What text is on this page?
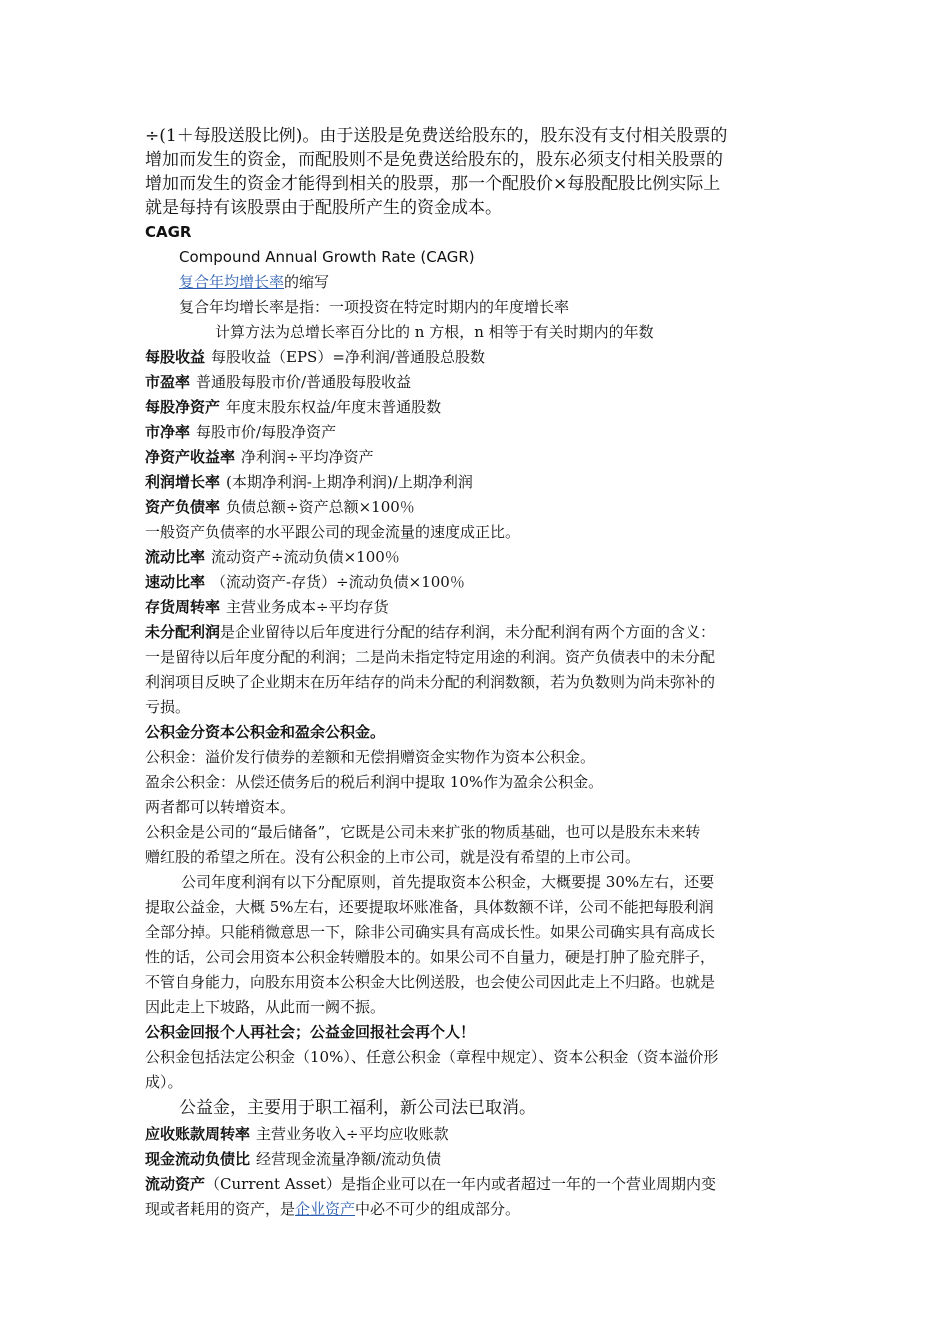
÷(1＋每股送股比例)。由于送股是免费送给股东的，股东没有支付相关股票的

增加而发生的资金，而配股则不是免费送给股东的，股东必须支付相关股票的

增加而发生的资金才能得到相关的股票，那一个配股价×每股配股比例实际上

就是每持有该股票由于配股所产生的资金成本。

CAGR

Compound Annual Growth Rate (CAGR)

复合年均增长率的缩写

复合年均增长率是指：一项投资在特定时期内的年度增长率

计算方法为总增长率百分比的 n 方根，n 相等于有关时期内的年数

每股收益 每股收益（EPS）=净利润/普通股总股数

市盈率 普通股每股市价/普通股每股收益

每股净资产 年度末股东权益/年度末普通股数

市净率 每股市价/每股净资产

净资产收益率 净利润÷平均净资产

利润增长率 (本期净利润-上期净利润)/上期净利润

资产负债率 负债总额÷资产总额×100％

一般资产负债率的水平跟公司的现金流量的速度成正比。

流动比率 流动资产÷流动负债×100％

速动比率 （流动资产-存货）÷流动负债×100％

存货周转率 主营业务成本÷平均存货

未分配利润是企业留待以后年度进行分配的结存利润，未分配利润有两个方面的含义：

一是留待以后年度分配的利润；二是尚未指定特定用途的利润。资产负债表中的未分配

利润项目反映了企业期末在历年结存的尚未分配的利润数额，若为负数则为尚未弥补的

亏损。

公积金分资本公积金和盈余公积金。

公积金：溢价发行债券的差额和无偿捐赠资金实物作为资本公积金。

盈余公积金：从偿还债务后的税后利润中提取 10%作为盈余公积金。

两者都可以转增资本。

公积金是公司的“最后储备”，它既是公司未来扩张的物质基础，也可以是股东未来转

赠红股的希望之所在。没有公积金的上市公司，就是没有希望的上市公司。

公司年度利润有以下分配原则，首先提取资本公积金，大概要提 30%左右，还要

提取公益金，大概 5%左右，还要提取坏账准备，具体数额不详，公司不能把每股利润

全部分掉。只能稍微意思一下，除非公司确实具有高成长性。如果公司确实具有高成长

性的话，公司会用资本公积金转赠股本的。如果公司不自量力，硬是打肿了脸充胖子，

不管自身能力，向股东用资本公积金大比例送股，也会使公司因此走上不归路。也就是

因此走上下坡路，从此而一阙不振。

公积金回报个人再社会；公益金回报社会再个人！

公积金包括法定公积金（10%）、任意公积金（章程中规定）、资本公积金（资本溢价形

成）。

公益金，主要用于职工福利，新公司法已取消。

应收账款周转率 主营业务收入÷平均应收账款

现金流动负债比 经营现金流量净额/流动负债

流动资产（Current Asset）是指企业可以在一年内或者超过一年的一个营业周期内变

现或者耗用的资产，是企业资产中必不可少的组成部分。
